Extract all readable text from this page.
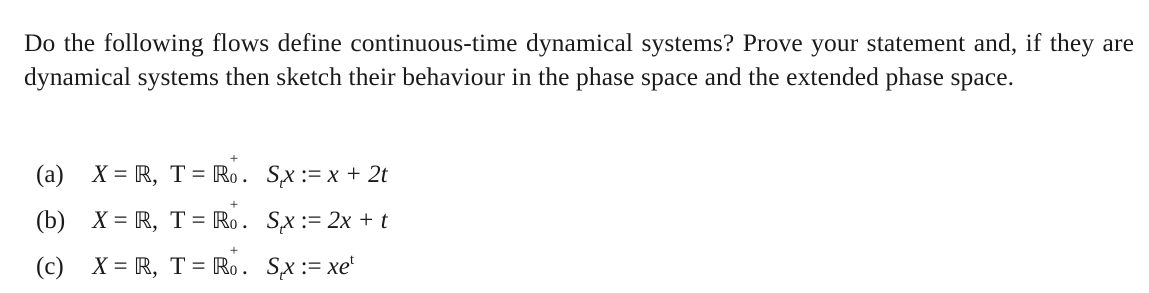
Do the following flows define continuous-time dynamical systems? Prove your statement and, if they are dynamical systems then sketch their behaviour in the phase space and the extended phase space.
(a) X = ℝ,  T = ℝ
+
0 .   $S_tx$ := x + 2t
(b) X = ℝ,  T = ℝ
+
0 .   $S_tx$ := 2x + t
(c) X = ℝ,  T = ℝ
+
0 .   $S_tx$ := $xe^t$
